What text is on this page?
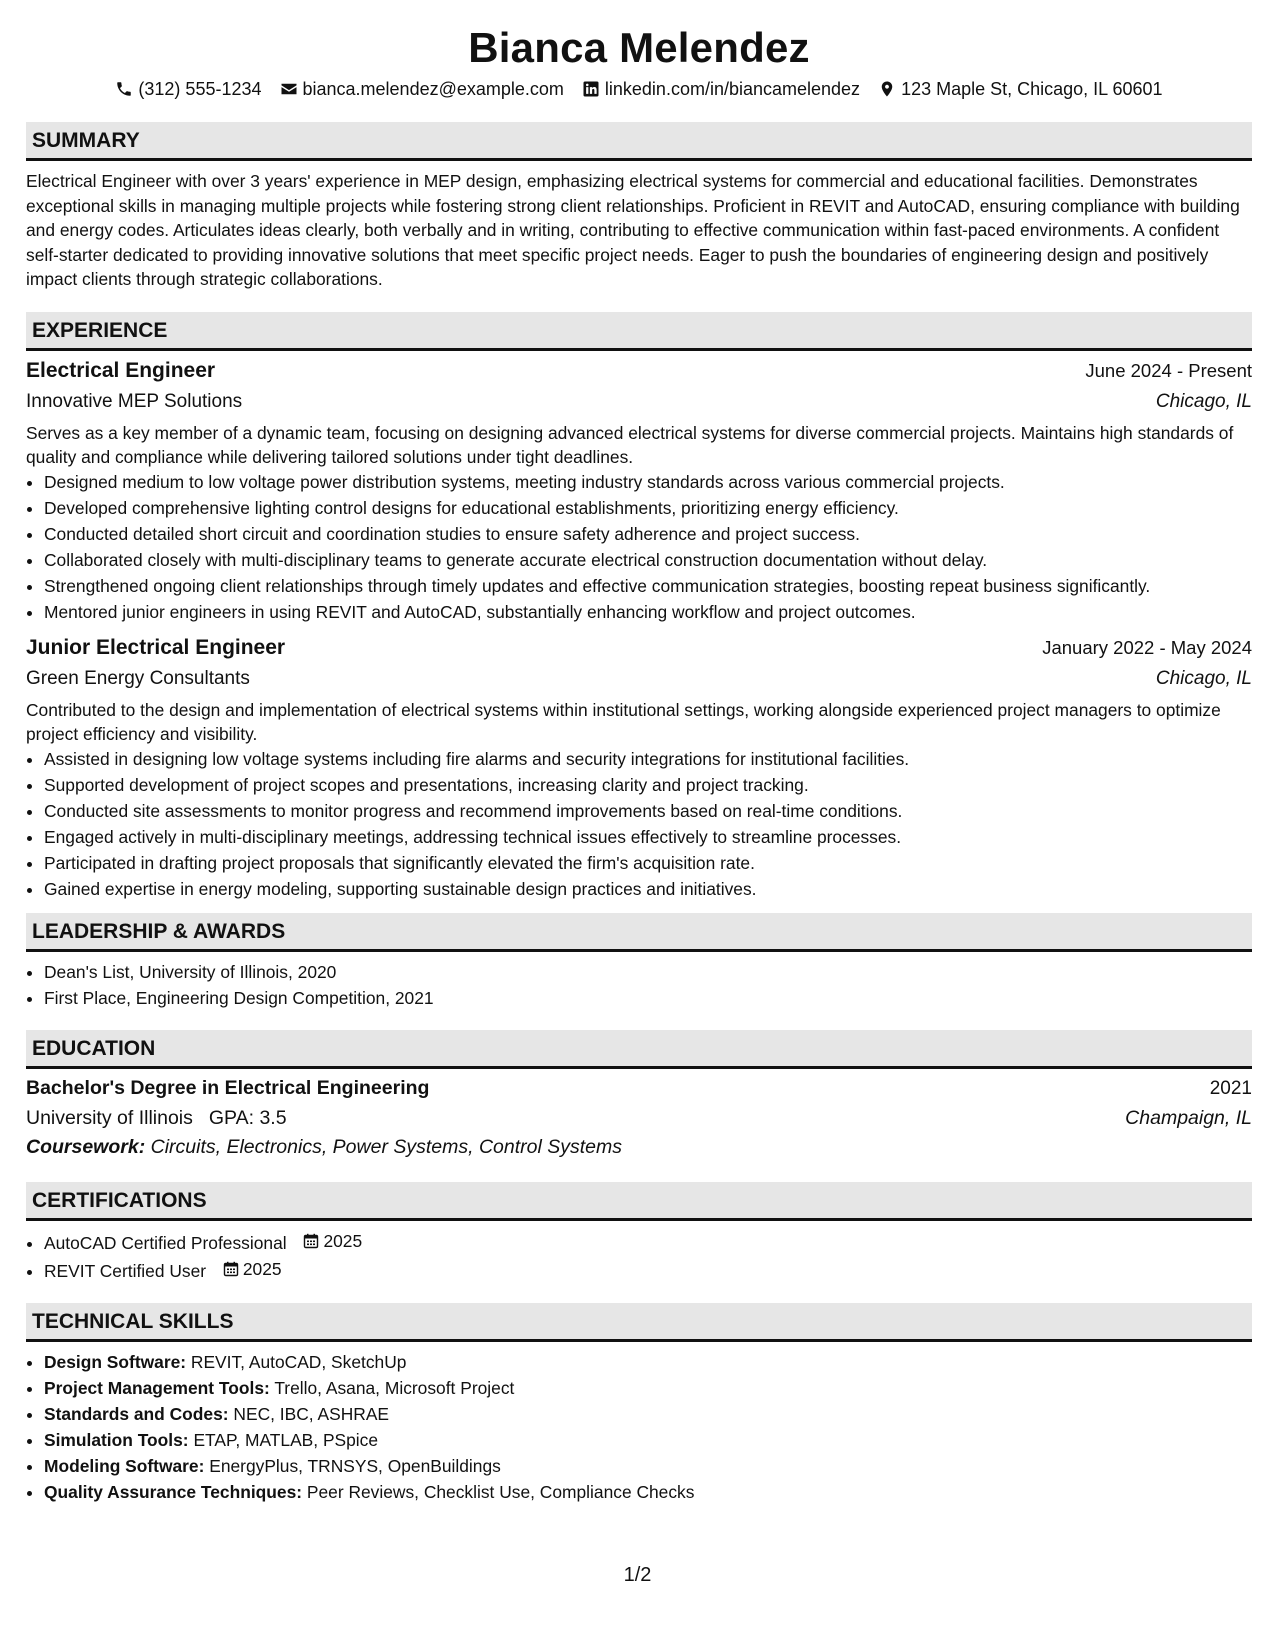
Bianca Melendez
(312) 555-1234 bianca.melendez@example.com linkedin.com/in/biancamelendez 123 Maple St, Chicago, IL 60601
SUMMARY

Electrical Engineer with over 3 years' experience in MEP design, emphasizing electrical systems for commercial and educational facilities. Demonstrates exceptional skills in managing multiple projects while fostering strong client relationships. Proficient in REVIT and AutoCAD, ensuring compliance with building and energy codes. Articulates ideas clearly, both verbally and in writing, contributing to effective communication within fast-paced environments. A confident self-starter dedicated to providing innovative solutions that meet specific project needs. Eager to push the boundaries of engineering design and positively impact clients through strategic collaborations.

EXPERIENCE
Electrical Engineer	June 2024 - Present
Innovative MEP Solutions	Chicago, IL

Serves as a key member of a dynamic team, focusing on designing advanced electrical systems for diverse commercial projects. Maintains high standards of quality and compliance while delivering tailored solutions under tight deadlines.

• Designed medium to low voltage power distribution systems, meeting industry standards across various commercial projects.
• Developed comprehensive lighting control designs for educational establishments, prioritizing energy efficiency.
• Conducted detailed short circuit and coordination studies to ensure safety adherence and project success.
• Collaborated closely with multi-disciplinary teams to generate accurate electrical construction documentation without delay.
• Strengthened ongoing client relationships through timely updates and effective communication strategies, boosting repeat business significantly.
• Mentored junior engineers in using REVIT and AutoCAD, substantially enhancing workflow and project outcomes.
Junior Electrical Engineer	January 2022 - May 2024
Green Energy Consultants	Chicago, IL

Contributed to the design and implementation of electrical systems within institutional settings, working alongside experienced project managers to optimize project efficiency and visibility.

• Assisted in designing low voltage systems including fire alarms and security integrations for institutional facilities.
• Supported development of project scopes and presentations, increasing clarity and project tracking.
• Conducted site assessments to monitor progress and recommend improvements based on real-time conditions.
• Engaged actively in multi-disciplinary meetings, addressing technical issues effectively to streamline processes.
• Participated in drafting project proposals that significantly elevated the firm's acquisition rate.
• Gained expertise in energy modeling, supporting sustainable design practices and initiatives.
LEADERSHIP & AWARDS
• Dean's List, University of Illinois, 2020
• First Place, Engineering Design Competition, 2021
EDUCATION
Bachelor's Degree in Electrical Engineering	2021
University of Illinois GPA: 3.5	Champaign, IL
Coursework: Circuits, Electronics, Power Systems, Control Systems
CERTIFICATIONS
• AutoCAD Certified Professional 2025
• REVIT Certified User 2025
TECHNICAL SKILLS
• Design Software: REVIT, AutoCAD, SketchUp
• Project Management Tools: Trello, Asana, Microsoft Project
• Standards and Codes: NEC, IBC, ASHRAE
• Simulation Tools: ETAP, MATLAB, PSpice
• Modeling Software: EnergyPlus, TRNSYS, OpenBuildings
• Quality Assurance Techniques: Peer Reviews, Checklist Use, Compliance Checks
1/2
